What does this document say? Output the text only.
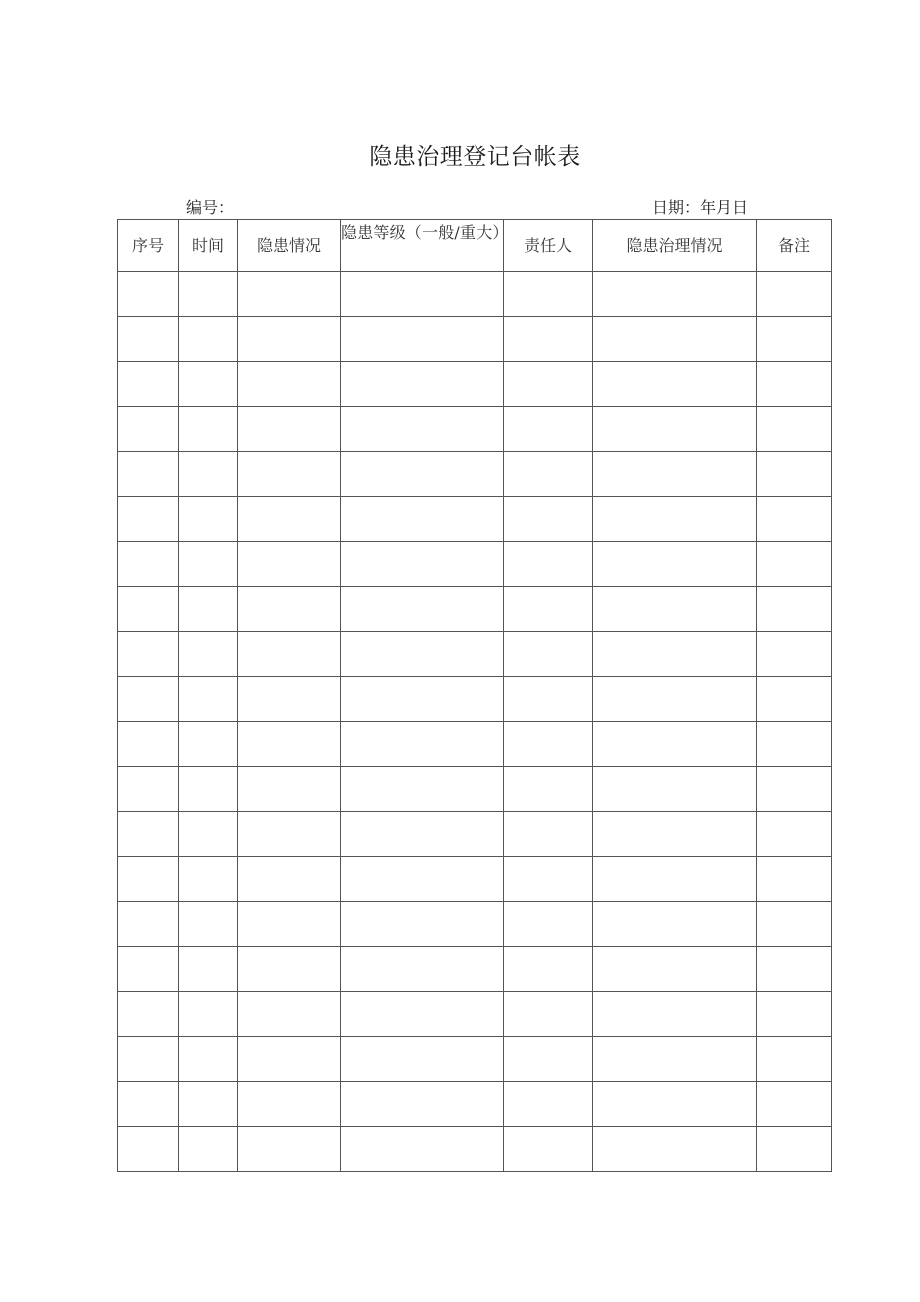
隐患治理登记台帐表
编号：	日期：年月日
序号	时间	隐患情况	隐患等级（一般/重大）	责任人	隐患治理情况	备注
